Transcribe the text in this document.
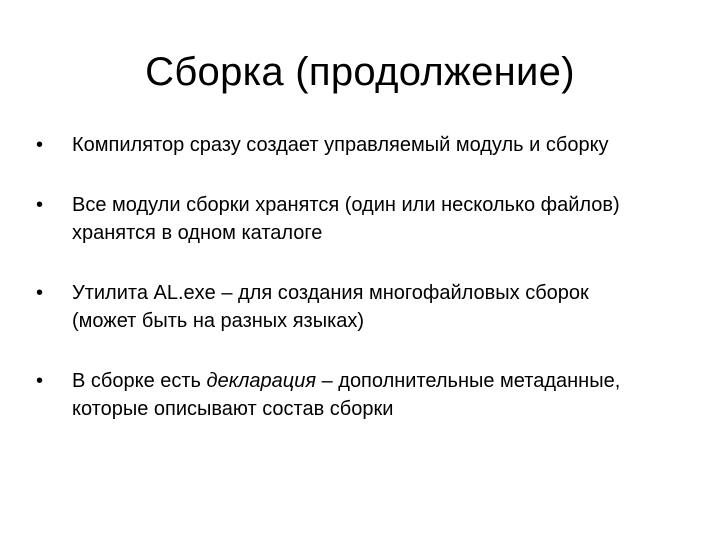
Сборка (продолжение)
•	Компилятор сразу создает управляемый модуль и сборку
•	Все модули сборки хранятся (один или несколько файлов) хранятся в одном каталоге
•	Утилита AL.exe – для создания многофайловых сборок (может быть на разных языках)
•	В сборке есть декларация – дополнительные метаданные, которые описывают состав сборки
